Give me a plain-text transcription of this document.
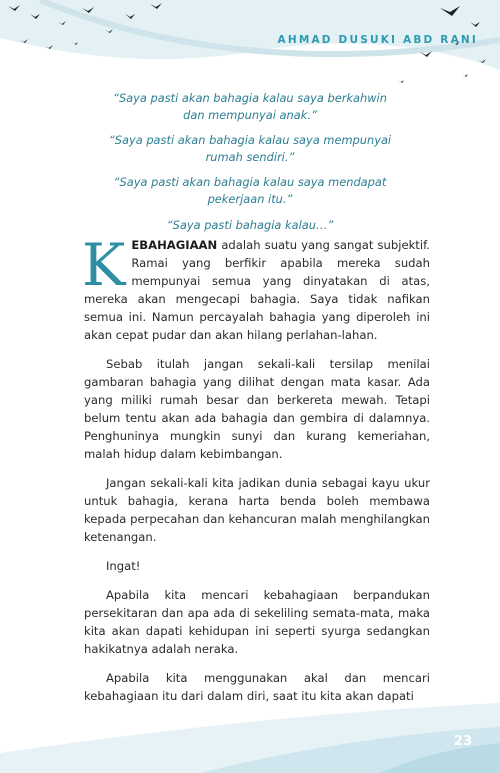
AHMAD DUSUKI ABD RANI

“Saya pasti akan bahagia kalau saya berkahwin
dan mempunyai anak.”

“Saya pasti akan bahagia kalau saya mempunyai
rumah sendiri.”

“Saya pasti akan bahagia kalau saya mendapat
pekerjaan itu.”

“Saya pasti bahagia kalau…”

KEBAHAGIAAN adalah suatu yang sangat subjektif. Ramai yang berfikir apabila mereka sudah mempunyai semua yang dinyatakan di atas, mereka akan mengecapi bahagia. Saya tidak nafikan semua ini. Namun percayalah bahagia yang diperoleh ini akan cepat pudar dan akan hilang perlahan-lahan.

Sebab itulah jangan sekali-kali tersilap menilai gambaran bahagia yang dilihat dengan mata kasar. Ada yang miliki rumah besar dan berkereta mewah. Tetapi belum tentu akan ada bahagia dan gembira di dalamnya. Penghuninya mungkin sunyi dan kurang kemeriahan, malah hidup dalam kebimbangan.

Jangan sekali-kali kita jadikan dunia sebagai kayu ukur untuk bahagia, kerana harta benda boleh membawa kepada perpecahan dan kehancuran malah menghilangkan ketenangan.

Ingat!

Apabila kita mencari kebahagiaan berpandukan persekitaran dan apa ada di sekeliling semata-mata, maka kita akan dapati kehidupan ini seperti syurga sedangkan hakikatnya adalah neraka.

Apabila kita menggunakan akal dan mencari kebahagiaan itu dari dalam diri, saat itu kita akan dapati

23
